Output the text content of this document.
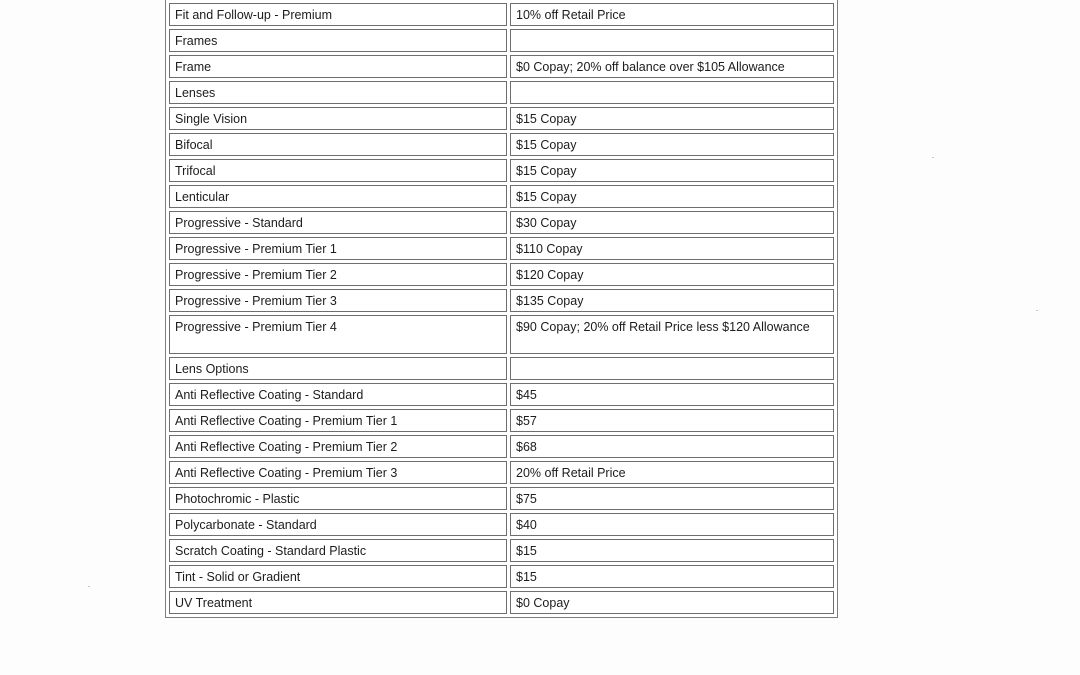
Fit and Follow-up - Premium	10% off Retail Price
Frames	
Frame	$0 Copay; 20% off balance over $105 Allowance
Lenses	
Single Vision	$15 Copay
Bifocal	$15 Copay
Trifocal	$15 Copay
Lenticular	$15 Copay
Progressive - Standard	$30 Copay
Progressive - Premium Tier 1	$110 Copay
Progressive - Premium Tier 2	$120 Copay
Progressive - Premium Tier 3	$135 Copay
Progressive - Premium Tier 4	$90 Copay; 20% off Retail Price less $120 Allowance
Lens Options	
Anti Reflective Coating - Standard	$45
Anti Reflective Coating - Premium Tier 1	$57
Anti Reflective Coating - Premium Tier 2	$68
Anti Reflective Coating - Premium Tier 3	20% off Retail Price
Photochromic - Plastic	$75
Polycarbonate - Standard	$40
Scratch Coating - Standard Plastic	$15
Tint - Solid or Gradient	$15
UV Treatment	$0 Copay
